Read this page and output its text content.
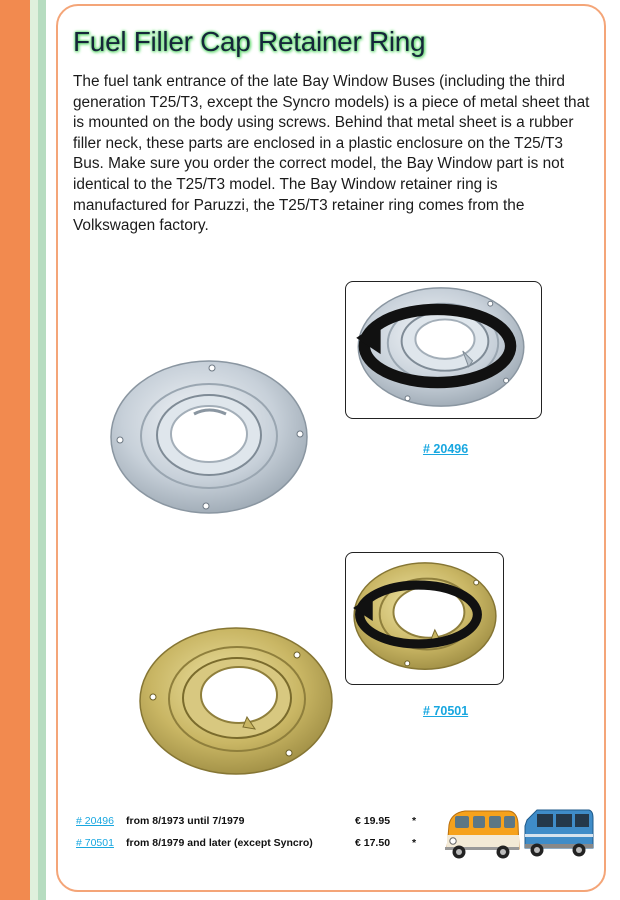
Fuel Filler Cap Retainer Ring

The fuel tank entrance of the late Bay Window Buses (including the third generation T25/T3, except the Syncro models) is a piece of metal sheet that is mounted on the body using screws. Behind that metal sheet is a rubber filler neck, these parts are enclosed in a plastic enclosure on the T25/T3 Bus. Make sure you order the correct model, the Bay Window part is not identical to the T25/T3 model. The Bay Window retainer ring is manufactured for Paruzzi, the T25/T3 retainer ring comes from the Volkswagen factory.

# 20496
# 70501
# 20496 from 8/1973 until 7/1979	€ 19.95 *
# 70501 from 8/1979 and later (except Syncro)	€ 17.50 *
